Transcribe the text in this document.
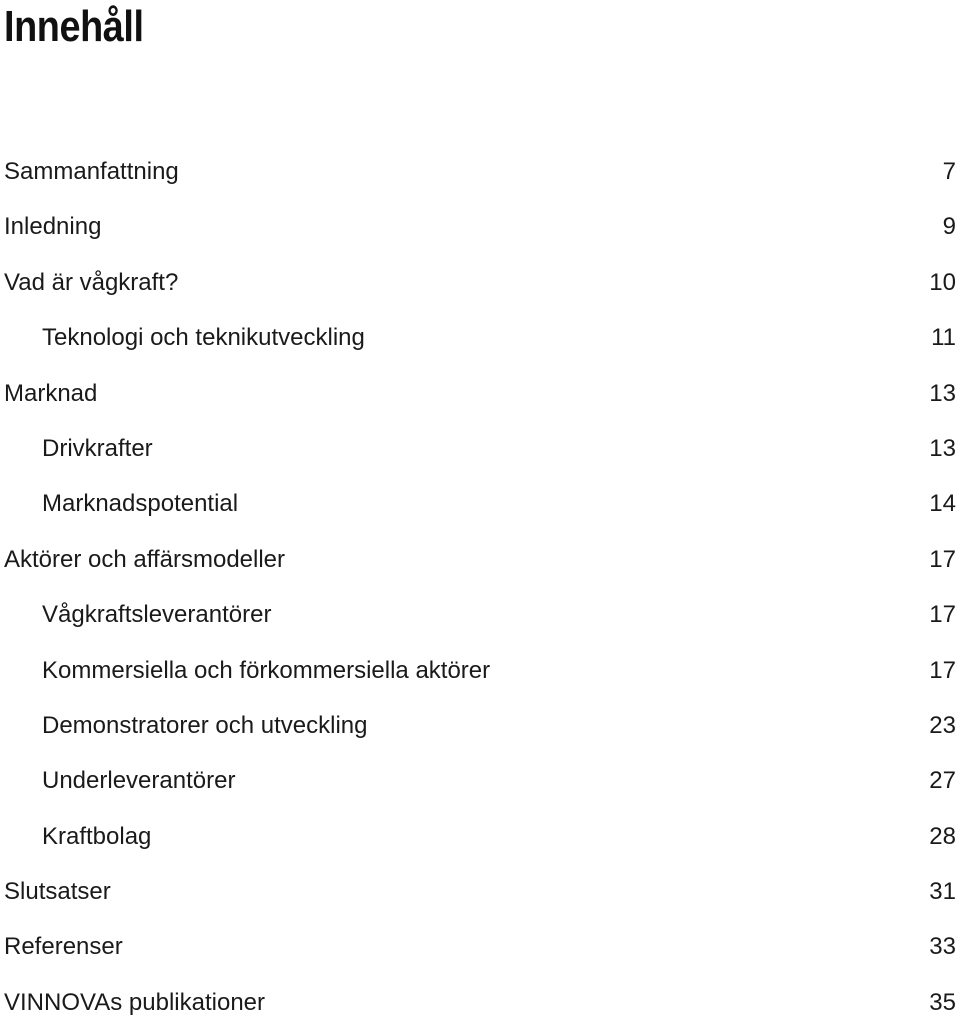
Innehåll
Sammanfattning	7
Inledning	9
Vad är vågkraft?	10
Teknologi och teknikutveckling	11
Marknad	13
Drivkrafter	13
Marknadspotential	14
Aktörer och affärsmodeller	17
Vågkraftsleverantörer	17
Kommersiella och förkommersiella aktörer	17
Demonstratorer och utveckling	23
Underleverantörer	27
Kraftbolag	28
Slutsatser	31
Referenser	33
VINNOVAs publikationer	35
